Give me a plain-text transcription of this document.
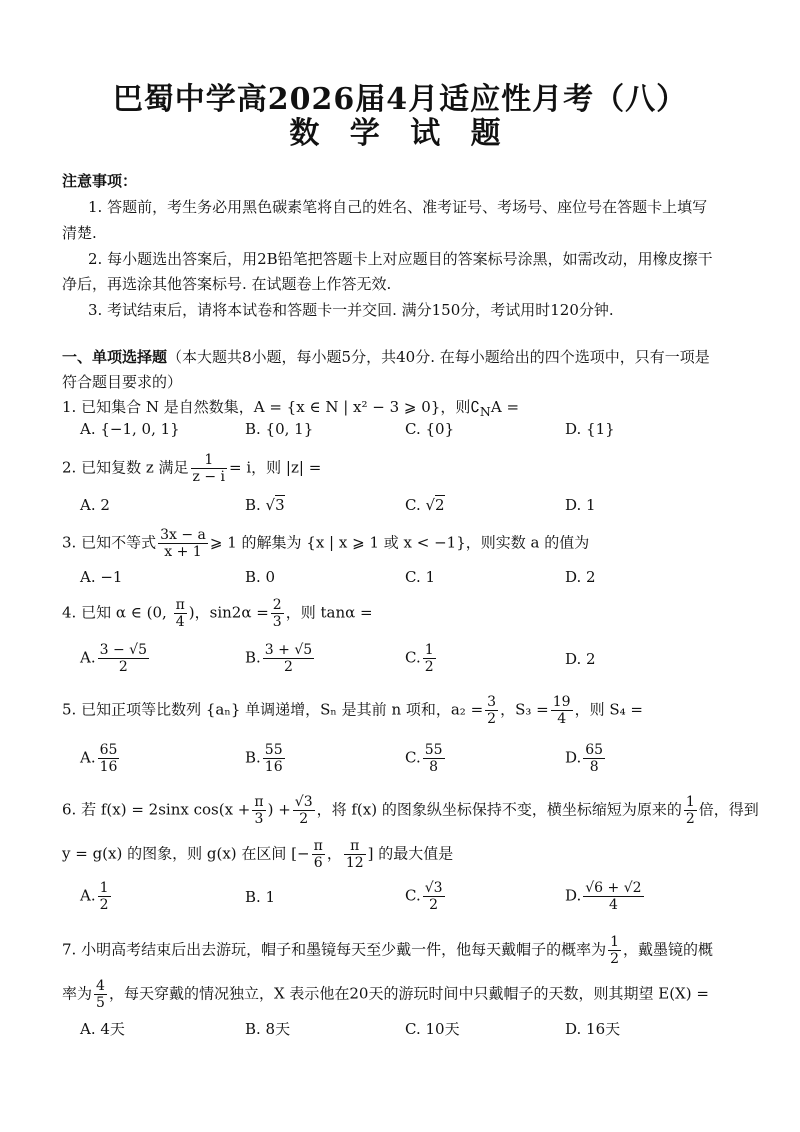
巴蜀中学高2026届4月适应性月考（八）
数 学 试 题
注意事项：
1. 答题前，考生务必用黑色碳素笔将自己的姓名、准考证号、考场号、座位号在答题卡上填写
清楚.
2. 每小题选出答案后，用2B铅笔把答题卡上对应题目的答案标号涂黑，如需改动，用橡皮擦干
净后，再选涂其他答案标号. 在试题卷上作答无效.
3. 考试结束后，请将本试卷和答题卡一并交回. 满分150分，考试用时120分钟.
一、单项选择题（本大题共8小题，每小题5分，共40分. 在每小题给出的四个选项中，只有一项是
符合题目要求的）
1. 已知集合 N 是自然数集，A = {x ∈ N | x² − 3 ⩾ 0}，则$∁_NA$ =
A. {−1, 0, 1}	B. {0, 1}	C. {0}	D. {1}
2. 已知复数 z 满足 $\frac{1}{z - i} = i$，则 |z| =
A. 2	B. √3	C. √2	D. 1
3. 已知不等式 $\frac{3x - a}{x + 1}$ ⩾ 1 的解集为 {x | x ⩾ 1 或 x < −1}，则实数 a 的值为
A. −1	B. 0	C. 1	D. 2
4. 已知 α ∈ (0, $\frac{\pi}{4}$ )，$\sin 2\alpha = \frac{2}{3}$ ，则 tanα =
A. $\frac{3 - √5}{2}$	B. $\frac{3 + √5}{2}$	C. $\frac{1}{2}$	D. 2
5. 已知正项等比数列 {aₙ} 单调递增，Sₙ 是其前 n 项和，$a_2 = \frac{3}{2}$ ，$S_3 = \frac{19}{4}$ ，则 S₄ =
A. $\frac{65}{16}$	B. $\frac{55}{16}$	C. $\frac{55}{8}$	D. $\frac{65}{8}$
6. 若 f(x) = 2sinx $\cos(x + \frac{\pi}{3}$ ) + $\frac{√3}{2}$ ，将 f(x) 的图象纵坐标保持不变，横坐标缩短为原来的 $\frac{1}{2}$ 倍，得到
y = g(x) 的图象，则 g(x) 在区间 [− $\frac{\pi}{6}$ ， $\frac{\pi}{12}$ ] 的最大值是
A. $\frac{1}{2}$	B. 1	C. $\frac{√3}{2}$	D. $\frac{√6 + √2}{4}$
7. 小明高考结束后出去游玩，帽子和墨镜每天至少戴一件，他每天戴帽子的概率为 $\frac{1}{2}$ ，戴墨镜的概
率为 $\frac{4}{5}$ ，每天穿戴的情况独立，X 表示他在20天的游玩时间中只戴帽子的天数，则其期望 E(X) =
A. 4天	B. 8天	C. 10天	D. 16天
